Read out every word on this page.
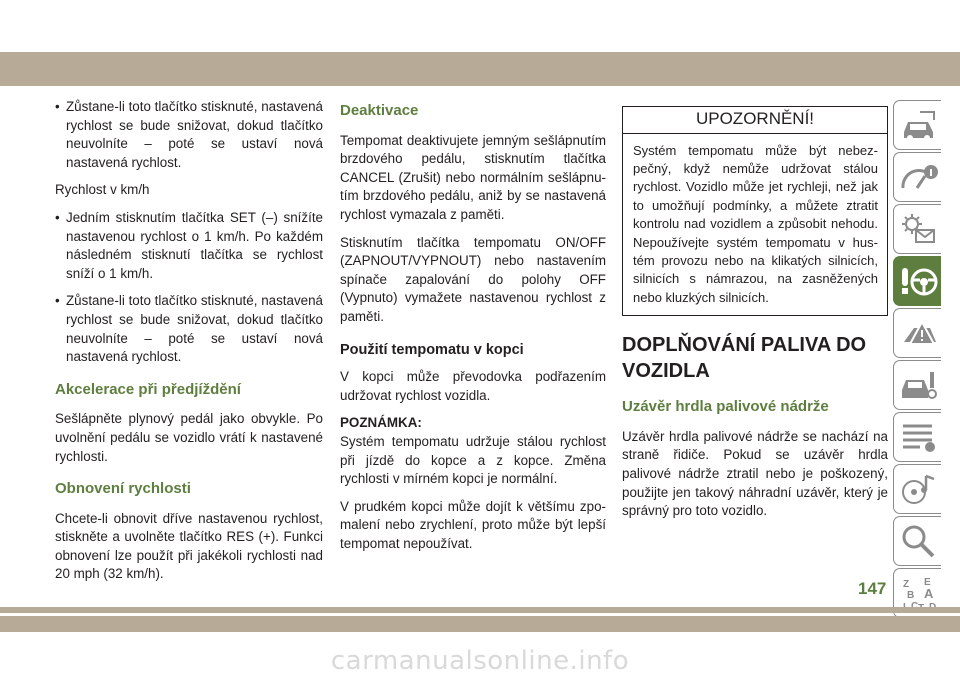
• Zůstane-li toto tlačítko stisknuté, nastavená rychlost se bude snižovat, dokud tlačítko neuvolníte – poté se ustaví nová nastavená rychlost.

Rychlost v km/h

• Jedním stisknutím tlačítka SET (–) snížíte nastavenou rychlost o 1 km/h. Po každém následném stisknutí tlačítka se rychlost sníží o 1 km/h.
• Zůstane-li toto tlačítko stisknuté, nastavená rychlost se bude snižovat, dokud tlačítko neuvolníte – poté se ustaví nová nastavená rychlost.
Akcelerace při předjíždění

Sešlápněte plynový pedál jako obvykle. Po uvolnění pedálu se vozidlo vrátí k nastavené rychlosti.

Obnovení rychlosti

Chcete-li obnovit dříve nastavenou rychlost, stiskněte a uvolněte tlačítko RES (+). Funkci obnovení lze použít při jakékoli rychlosti nad 20 mph (32 km/h).

Deaktivace

Tempomat deaktivujete jemným sešlápnutím brzdového pedálu, stisknutím tlačítka CANCEL (Zrušit) nebo normálním sešlápnutím brzdového pedálu, aniž by se nastavená rychlost vymazala z paměti.

Stisknutím tlačítka tempomatu ON/OFF (ZAPNOUT/VYPNOUT) nebo nastavením spínače zapalování do polohy OFF (Vypnuto) vymažete nastavenou rychlost z paměti.

Použití tempomatu v kopci

V kopci může převodovka podřazením udržovat rychlost vozidla.

POZNÁMKA:
Systém tempomatu udržuje stálou rychlost při jízdě do kopce a z kopce. Změna rychlosti v mírném kopci je normální.

V prudkém kopci může dojít k většímu zpomalení nebo zrychlení, proto může být lepší tempomat nepoužívat.

UPOZORNĚNÍ!
Systém tempomatu může být nebezpečný, když nemůže udržovat stálou rychlost. Vozidlo může jet rychleji, než jak to umožňují podmínky, a můžete ztratit kontrolu nad vozidlem a způsobit nehodu. Nepoužívejte systém tempomatu v hustém provozu nebo na klikatých silnicích, silnicích s námrazou, na zasněžených nebo kluzkých silnicích.
DOPLŇOVÁNÍ PALIVA DO VOZIDLA
Uzávěr hrdla palivové nádrže

Uzávěr hrdla palivové nádrže se nachází na straně řidiče. Pokud se uzávěr hrdla palivové nádrže ztratil nebo je poškozený, použijte jen takový náhradní uzávěr, který je správný pro toto vozidlo.

Z E
B A
147
carmanualsonline.info
